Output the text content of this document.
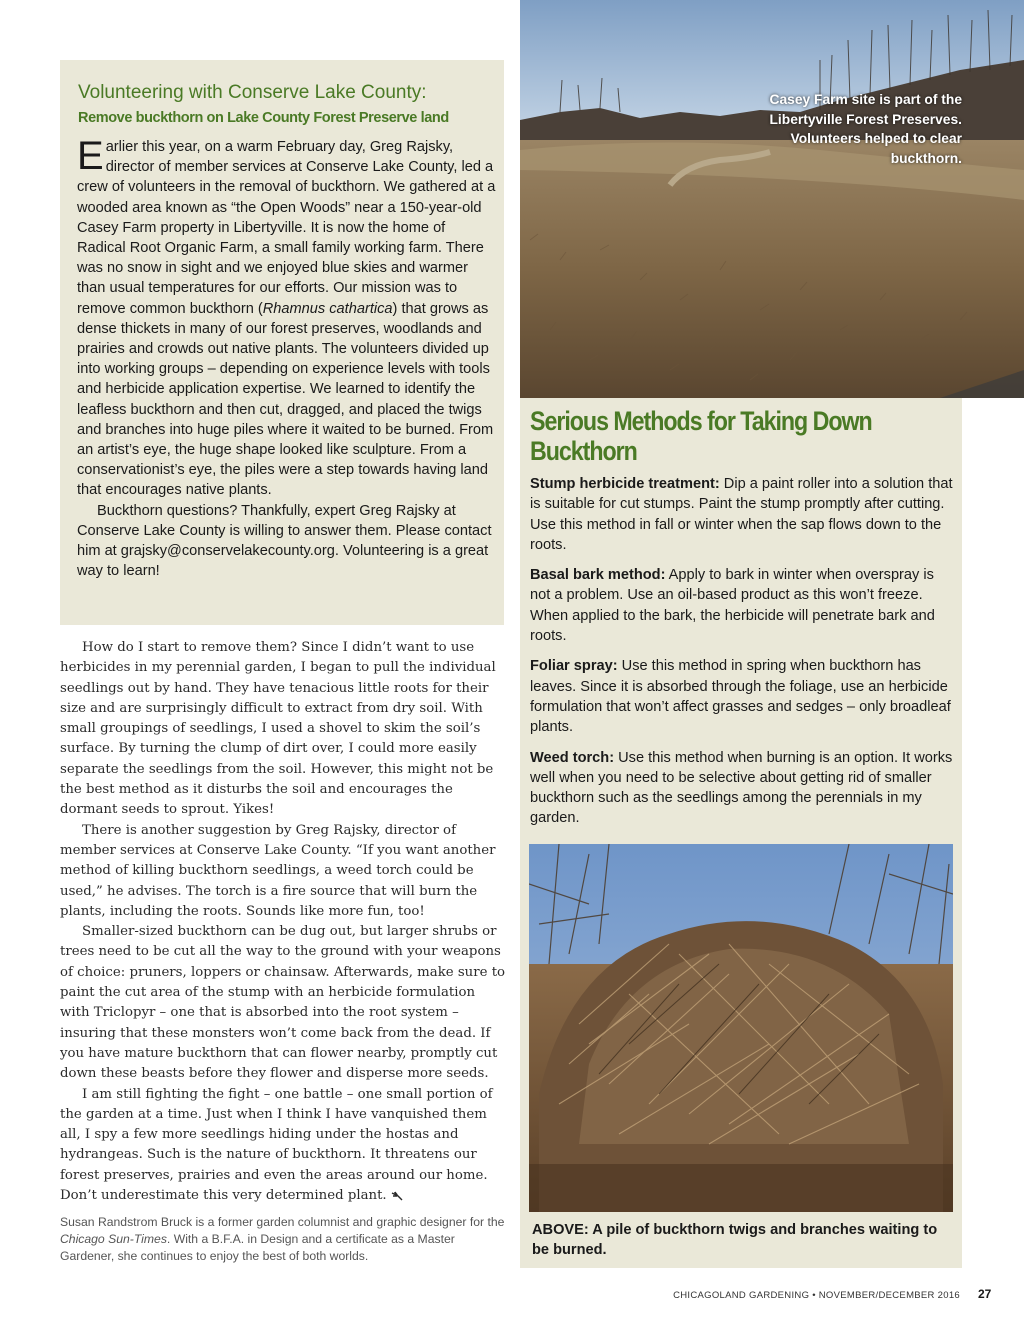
Volunteering with Conserve Lake County:
Remove buckthorn on Lake County Forest Preserve land

Earlier this year, on a warm February day, Greg Rajsky, director of member services at Conserve Lake County, led a crew of volunteers in the removal of buckthorn. We gathered at a wooded area known as “the Open Woods” near a 150-year-old Casey Farm property in Libertyville. It is now the home of Radical Root Organic Farm, a small family working farm. There was no snow in sight and we enjoyed blue skies and warmer than usual temperatures for our efforts. Our mission was to remove common buckthorn (Rhamnus cathartica) that grows as dense thickets in many of our forest preserves, woodlands and prairies and crowds out native plants. The volunteers divided up into working groups – depending on experience levels with tools and herbicide application expertise. We learned to identify the leafless buckthorn and then cut, dragged, and placed the twigs and branches into huge piles where it waited to be burned. From an artist’s eye, the huge shape looked like sculpture. From a conservationist’s eye, the piles were a step towards having land that encourages native plants.

Buckthorn questions? Thankfully, expert Greg Rajsky at Conserve Lake County is willing to answer them. Please contact him at grajsky@conservelakecounty.org. Volunteering is a great way to learn!

How do I start to remove them? Since I didn’t want to use herbicides in my perennial garden, I began to pull the individual seedlings out by hand. They have tenacious little roots for their size and are surprisingly difficult to extract from dry soil. With small groupings of seedlings, I used a shovel to skim the soil’s surface. By turning the clump of dirt over, I could more easily separate the seedlings from the soil. However, this might not be the best method as it disturbs the soil and encourages the dormant seeds to sprout. Yikes!

There is another suggestion by Greg Rajsky, director of member services at Conserve Lake County. “If you want another method of killing buckthorn seedlings, a weed torch could be used,” he advises. The torch is a fire source that will burn the plants, including the roots. Sounds like more fun, too!

Smaller-sized buckthorn can be dug out, but larger shrubs or trees need to be cut all the way to the ground with your weapons of choice: pruners, loppers or chainsaw. Afterwards, make sure to paint the cut area of the stump with an herbicide formulation with Triclopyr – one that is absorbed into the root system – insuring that these monsters won’t come back from the dead. If you have mature buckthorn that can flower nearby, promptly cut down these beasts before they flower and disperse more seeds.

I am still fighting the fight – one battle – one small portion of the garden at a time. Just when I think I have vanquished them all, I spy a few more seedlings hiding under the hostas and hydrangeas. Such is the nature of buckthorn. It threatens our forest preserves, prairies and even the areas around our home. Don’t underestimate this very determined plant.

Susan Randstrom Bruck is a former garden columnist and graphic designer for the Chicago Sun-Times. With a B.F.A. in Design and a certificate as a Master Gardener, she continues to enjoy the best of both worlds.
Casey Farm site is part of the Libertyville Forest Preserves. Volunteers helped to clear buckthorn.
Serious Methods for Taking Down Buckthorn

Stump herbicide treatment: Dip a paint roller into a solution that is suitable for cut stumps. Paint the stump promptly after cutting. Use this method in fall or winter when the sap flows down to the roots.

Basal bark method: Apply to bark in winter when overspray is not a problem. Use an oil-based product as this won’t freeze. When applied to the bark, the herbicide will penetrate bark and roots.

Foliar spray: Use this method in spring when buckthorn has leaves. Since it is absorbed through the foliage, use an herbicide formulation that won’t affect grasses and sedges – only broadleaf plants.

Weed torch: Use this method when burning is an option. It works well when you need to be selective about getting rid of smaller buckthorn such as the seedlings among the perennials in my garden.

ABOVE: A pile of buckthorn twigs and branches waiting to be burned.
CHICAGOLAND GARDENING • NOVEMBER/DECEMBER 2016 27
